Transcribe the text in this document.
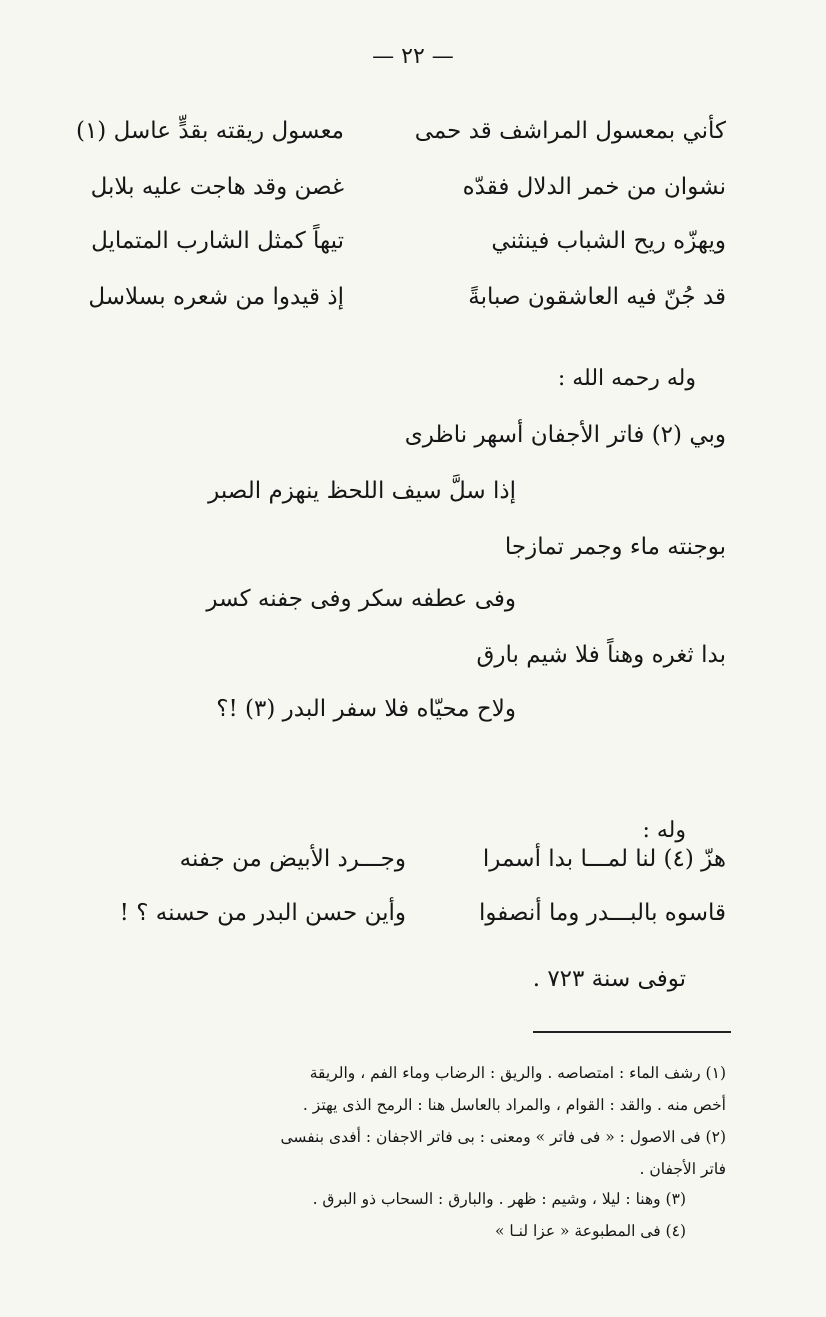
— ٢٢ —
كأني بمعسول المراشف قد حمى
معسول ريقته بقدٍّ عاسل (١)
نشوان من خمر الدلال فقدّه
غصن وقد هاجت عليه بلابل
ويهزّه ريح الشباب فينثني
تيهاً كمثل الشارب المتمايل
قد جُنّ فيه العاشقون صبابةً
إذ قيدوا من شعره بسلاسل
وله رحمه الله :
وبي (٢) فاتر الأجفان أسهر ناظرى
إذا سلَّ سيف اللحظ ينهزم الصبر
بوجنته ماء وجمر تمازجا
وفى عطفه سكر وفى جفنه كسر
بدا ثغره وهناً فلا شيم بارق
ولاح محيّاه فلا سفر البدر (٣) !؟
وله :
هزّ (٤) لنا لمـــا بدا أسمرا
وجـــرد الأبيض من جفنه
قاسوه بالبـــدر وما أنصفوا
وأين حسن البدر من حسنه ؟ !
توفى سنة ٧٢٣ .
(١) رشف الماء : امتصاصه . والريق : الرضاب وماء الفم ، والريقة
أخص منه . والقد : القوام ، والمراد بالعاسل هنا : الرمح الذى يهتز .
(٢) فى الاصول : « فى فاتر » ومعنى : بى فاتر الاجفان : أفدى بنفسى
فاتر الأجفان .
(٣) وهنا : ليلا ، وشيم : ظهر . والبارق : السحاب ذو البرق .
(٤) فى المطبوعة « عزا لنـا »
